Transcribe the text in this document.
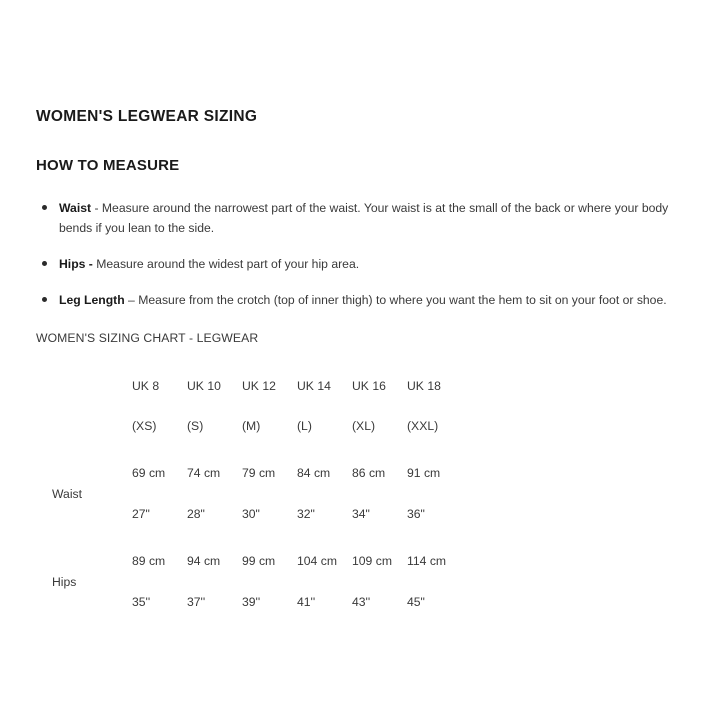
WOMEN'S LEGWEAR SIZING
HOW TO MEASURE
Waist - Measure around the narrowest part of the waist. Your waist is at the small of the back or where your body bends if you lean to the side.
Hips - Measure around the widest part of your hip area.
Leg Length – Measure from the crotch (top of inner thigh) to where you want the hem to sit on your foot or shoe.

WOMEN'S SIZING CHART - LEGWEAR

	UK 8	UK 10	UK 12	UK 14	UK 16	UK 18
	(XS)	(S)	(M)	(L)	(XL)	(XXL)

Waist	69 cm	74 cm	79 cm	84 cm	86 cm	91 cm
	27"	28"	30"	32"	34"	36"

Hips	89 cm	94 cm	99 cm	104 cm	109 cm	114 cm
	35''	37''	39''	41''	43''	45"
